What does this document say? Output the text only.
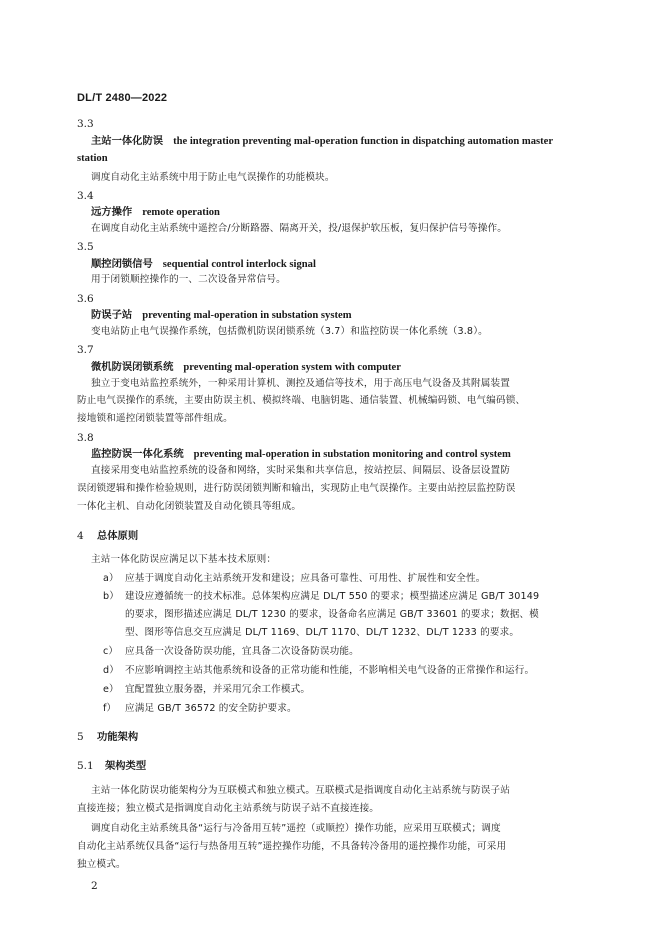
DL/T 2480—2022
3.3
主站一体化防误 the integration preventing mal-operation function in dispatching automation master
station
调度自动化主站系统中用于防止电气误操作的功能模块。
3.4
远方操作 remote operation
在调度自动化主站系统中遥控合/分断路器、隔离开关，投/退保护软压板，复归保护信号等操作。
3.5
顺控闭锁信号 sequential control interlock signal
用于闭锁顺控操作的一、二次设备异常信号。
3.6
防误子站 preventing mal-operation in substation system
变电站防止电气误操作系统，包括微机防误闭锁系统（3.7）和监控防误一体化系统（3.8）。
3.7
微机防误闭锁系统 preventing mal-operation system with computer
独立于变电站监控系统外，一种采用计算机、测控及通信等技术，用于高压电气设备及其附属装置
防止电气误操作的系统，主要由防误主机、模拟终端、电脑钥匙、通信装置、机械编码锁、电气编码锁、
接地锁和遥控闭锁装置等部件组成。
3.8
监控防误一体化系统 preventing mal-operation in substation monitoring and control system
直接采用变电站监控系统的设备和网络，实时采集和共享信息，按站控层、间隔层、设备层设置防
误闭锁逻辑和操作检验规则，进行防误闭锁判断和输出，实现防止电气误操作。主要由站控层监控防误
一体化主机、自动化闭锁装置及自动化锁具等组成。
4 总体原则
主站一体化防误应满足以下基本技术原则：
a） 应基于调度自动化主站系统开发和建设；应具备可靠性、可用性、扩展性和安全性。
b） 建设应遵循统一的技术标准。总体架构应满足 DL/T 550 的要求；模型描述应满足 GB/T 30149
的要求，图形描述应满足 DL/T 1230 的要求，设备命名应满足 GB/T 33601 的要求；数据、模
型、图形等信息交互应满足 DL/T 1169、DL/T 1170、DL/T 1232、DL/T 1233 的要求。
c） 应具备一次设备防误功能，宜具备二次设备防误功能。
d） 不应影响调控主站其他系统和设备的正常功能和性能，不影响相关电气设备的正常操作和运行。
e） 宜配置独立服务器，并采用冗余工作模式。
f） 应满足 GB/T 36572 的安全防护要求。
5 功能架构
5.1 架构类型
主站一体化防误功能架构分为互联模式和独立模式。互联模式是指调度自动化主站系统与防误子站
直接连接；独立模式是指调度自动化主站系统与防误子站不直接连接。
调度自动化主站系统具备“运行与冷备用互转”遥控（或顺控）操作功能，应采用互联模式；调度
自动化主站系统仅具备“运行与热备用互转”遥控操作功能，不具备转冷备用的遥控操作功能，可采用
独立模式。
2
